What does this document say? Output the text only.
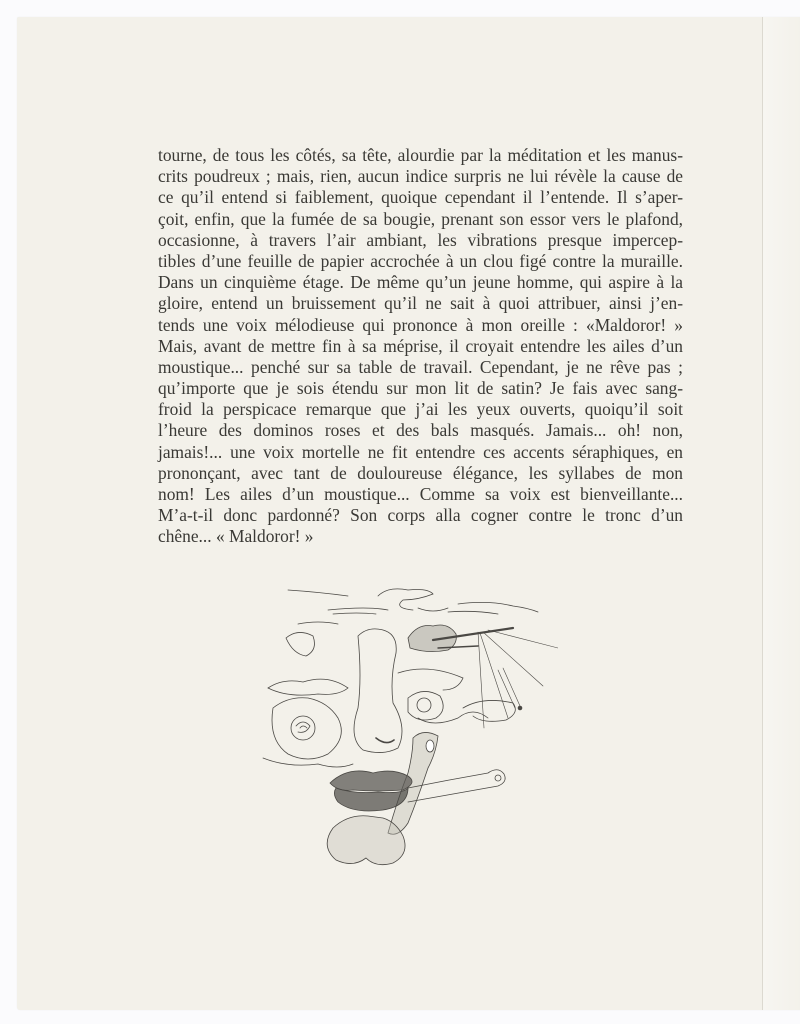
tourne, de tous les côtés, sa tête, alourdie par la méditation et les manus-
crits poudreux ; mais, rien, aucun indice surpris ne lui révèle la cause de
ce qu’il entend si faiblement, quoique cependant il l’entende. Il s’aper-
çoit, enfin, que la fumée de sa bougie, prenant son essor vers le plafond,
occasionne, à travers l’air ambiant, les vibrations presque impercep-
tibles d’une feuille de papier accrochée à un clou figé contre la muraille.
Dans un cinquième étage. De même qu’un jeune homme, qui aspire à la
gloire, entend un bruissement qu’il ne sait à quoi attribuer, ainsi j’en-
tends une voix mélodieuse qui prononce à mon oreille : «Maldoror! »
Mais, avant de mettre fin à sa méprise, il croyait entendre les ailes d’un
moustique... penché sur sa table de travail. Cependant, je ne rêve pas ;
qu’importe que je sois étendu sur mon lit de satin? Je fais avec sang-
froid la perspicace remarque que j’ai les yeux ouverts, quoiqu’il soit
l’heure des dominos roses et des bals masqués. Jamais... oh! non,
jamais!... une voix mortelle ne fit entendre ces accents séraphiques, en
prononçant, avec tant de douloureuse élégance, les syllabes de mon
nom! Les ailes d’un moustique... Comme sa voix est bienveillante...
M’a-t-il donc pardonné? Son corps alla cogner contre le tronc d’un
chêne... « Maldoror! »
